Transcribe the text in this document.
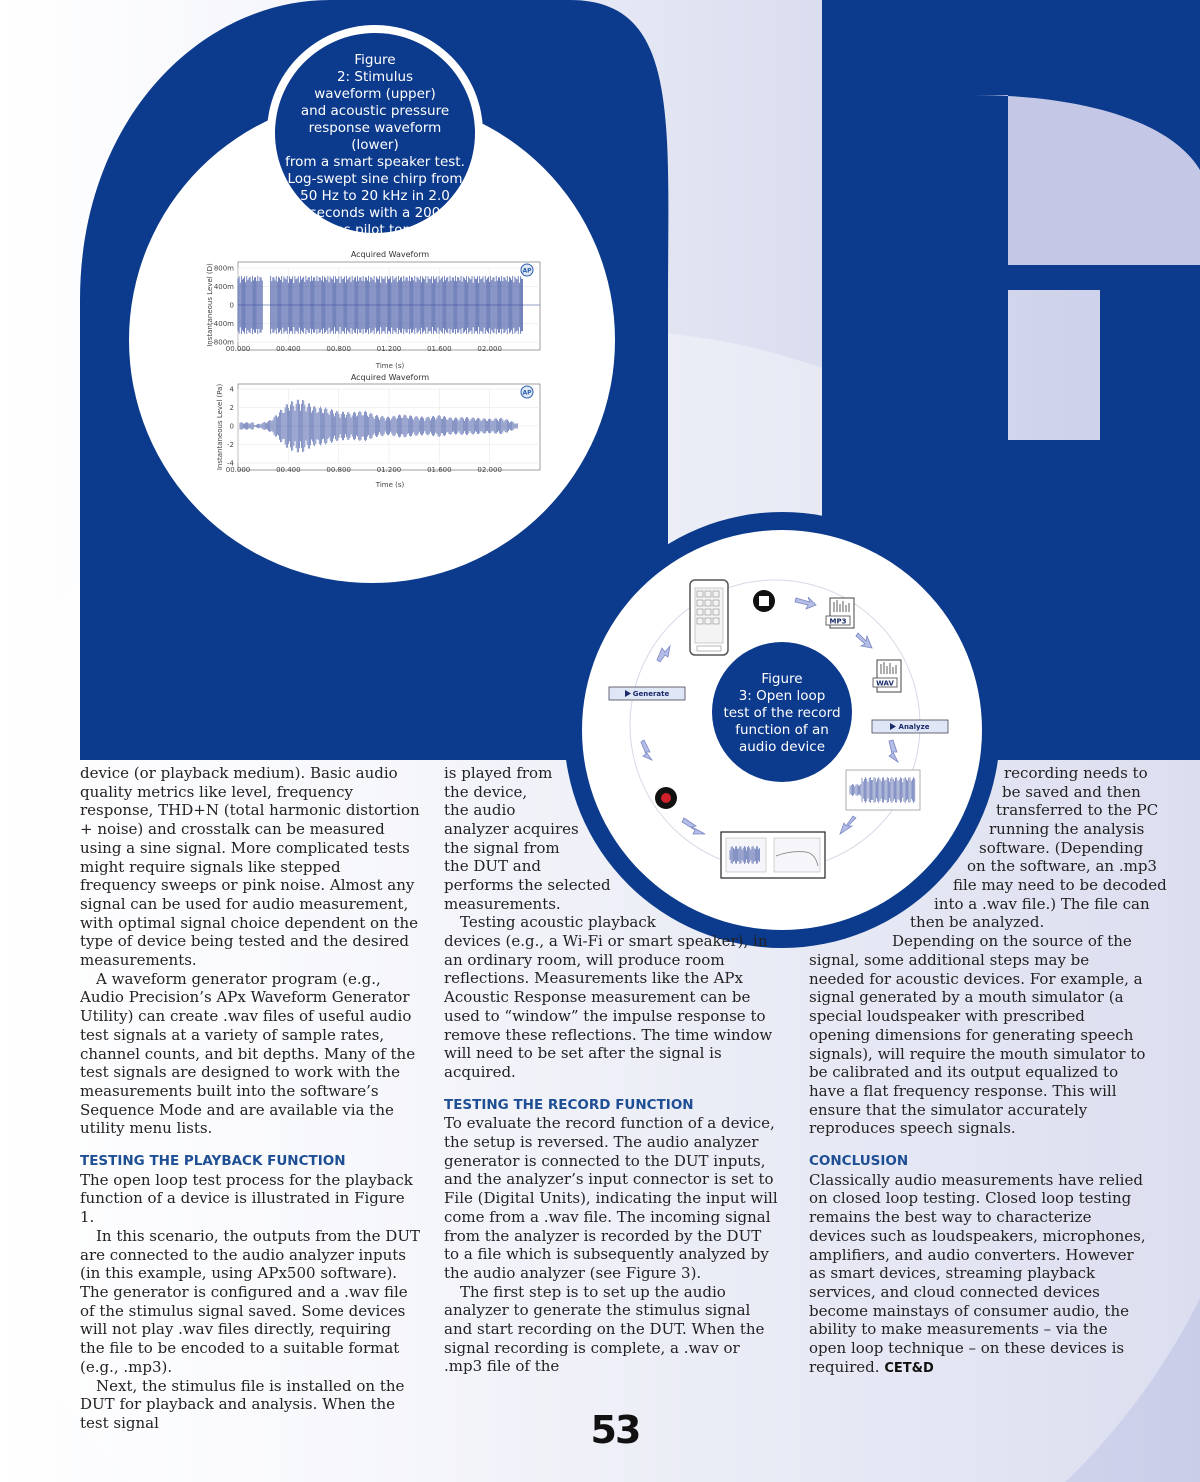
Figure
2: Stimulus
waveform (upper)
and acoustic pressure
response waveform (lower)
from a smart speaker test.
Log-swept sine chirp from
50 Hz to 20 kHz in 2.0
seconds with a 200
ms pilot tone
Acquired Waveform
Instantaneous Level (D)
Time (s)
800m
400m
0
-400m
-800m
00.000	00.400	00.800	01.200	01.600	02.000
AP
Acquired Waveform
Instantaneous Level (Pa)
Time (s)
4
2
0
-2
-4
00.000	00.400	00.800	01.200	01.600	02.000
AP
MP3
WAV
Generate
Analyze
Figure
3: Open loop
test of the record
function of an
audio device

device (or playback medium). Basic audio quality metrics like level, frequency response, THD+N (total harmonic distortion + noise) and crosstalk can be measured using a sine signal. More complicated tests might require signals like stepped frequency sweeps or pink noise. Almost any signal can be used for audio measurement, with optimal signal choice dependent on the type of device being tested and the desired measurements.

A waveform generator program (e.g., Audio Precision’s APx Waveform Generator Utility) can create .wav files of useful audio test signals at a variety of sample rates, channel counts, and bit depths. Many of the test signals are designed to work with the measurements built into the software’s Sequence Mode and are available via the utility menu lists.

TESTING THE PLAYBACK FUNCTION

The open loop test process for the playback function of a device is illustrated in Figure 1.

In this scenario, the outputs from the DUT are connected to the audio analyzer inputs (in this example, using APx500 software). The generator is configured and a .wav file of the stimulus signal saved. Some devices will not play .wav files directly, requiring the file to be encoded to a suitable format (e.g., .mp3).

Next, the stimulus file is installed on the DUT for playback and analysis. When the test signal

is played from
the device,
the audio
analyzer acquires
the signal from
the DUT and
performs the selected
measurements.
Testing acoustic playback

devices (e.g., a Wi-Fi or smart speaker), in an ordinary room, will produce room reflections. Measurements like the APx Acoustic Response measurement can be used to “window” the impulse response to remove these reflections. The time window will need to be set after the signal is acquired.

TESTING THE RECORD FUNCTION

To evaluate the record function of a device, the setup is reversed. The audio analyzer generator is connected to the DUT inputs, and the analyzer’s input connector is set to File (Digital Units), indicating the input will come from a .wav file. The incoming signal from the analyzer is recorded by the DUT to a file which is subsequently analyzed by the audio analyzer (see Figure 3).

The first step is to set up the audio analyzer to generate the stimulus signal and start recording on the DUT. When the signal recording is complete, a .wav or .mp3 file of the

recording needs to
be saved and then
transferred to the PC
running the analysis
software. (Depending
on the software, an .mp3
file may need to be decoded
into a .wav file.) The file can
then be analyzed.
Depending on the source of the

signal, some additional steps may be needed for acoustic devices. For example, a signal generated by a mouth simulator (a special loudspeaker with prescribed opening dimensions for generating speech signals), will require the mouth simulator to be calibrated and its output equalized to have a flat frequency response. This will ensure that the simulator accurately reproduces speech signals.

CONCLUSION

Classically audio measurements have relied on closed loop testing. Closed loop testing remains the best way to characterize devices such as loudspeakers, microphones, amplifiers, and audio converters. However as smart devices, streaming playback services, and cloud connected devices become mainstays of consumer audio, the ability to make measurements – via the open loop technique – on these devices is required. CET&D

53
